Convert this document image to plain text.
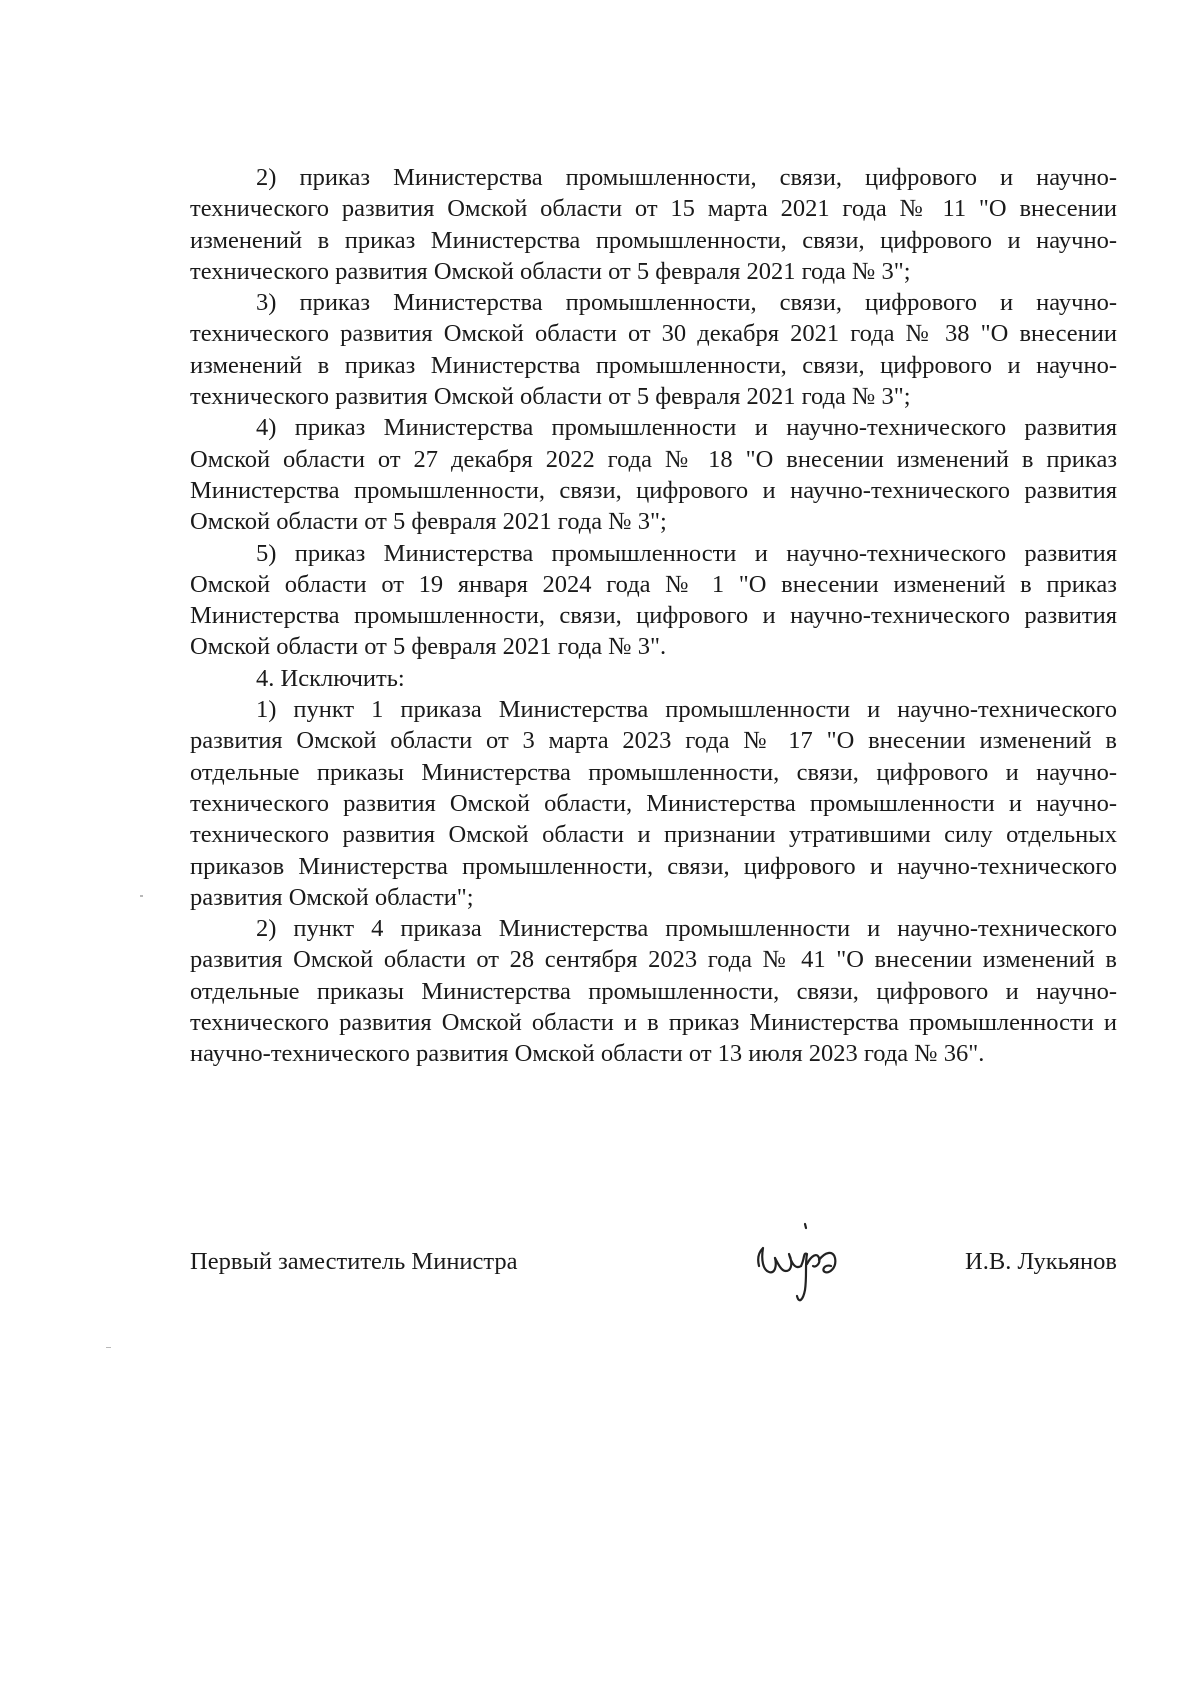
2) приказ Министерства промышленности, связи, цифрового и научно-технического развития Омской области от 15 марта 2021 года № 11 "О внесении изменений в приказ Министерства промышленности, связи, цифрового и научно-технического развития Омской области от 5 февраля 2021 года № 3";

3) приказ Министерства промышленности, связи, цифрового и научно-технического развития Омской области от 30 декабря 2021 года № 38 "О внесении изменений в приказ Министерства промышленности, связи, цифрового и научно-технического развития Омской области от 5 февраля 2021 года № 3";

4) приказ Министерства промышленности и научно-технического развития Омской области от 27 декабря 2022 года № 18 "О внесении изменений в приказ Министерства промышленности, связи, цифрового и научно-технического развития Омской области от 5 февраля 2021 года № 3";

5) приказ Министерства промышленности и научно-технического развития Омской области от 19 января 2024 года № 1 "О внесении изменений в приказ Министерства промышленности, связи, цифрового и научно-технического развития Омской области от 5 февраля 2021 года № 3".

4. Исключить:

1) пункт 1 приказа Министерства промышленности и научно-технического развития Омской области от 3 марта 2023 года № 17 "О внесении изменений в отдельные приказы Министерства промышленности, связи, цифрового и научно-технического развития Омской области, Министерства промышленности и научно-технического развития Омской области и признании утратившими силу отдельных приказов Министерства промышленности, связи, цифрового и научно-технического развития Омской области";

2) пункт 4 приказа Министерства промышленности и научно-технического развития Омской области от 28 сентября 2023 года № 41 "О внесении изменений в отдельные приказы Министерства промышленности, связи, цифрового и научно-технического развития Омской области и в приказ Министерства промышленности и научно-технического развития Омской области от 13 июля 2023 года № 36".

Первый заместитель Министра	И.В. Лукьянов
